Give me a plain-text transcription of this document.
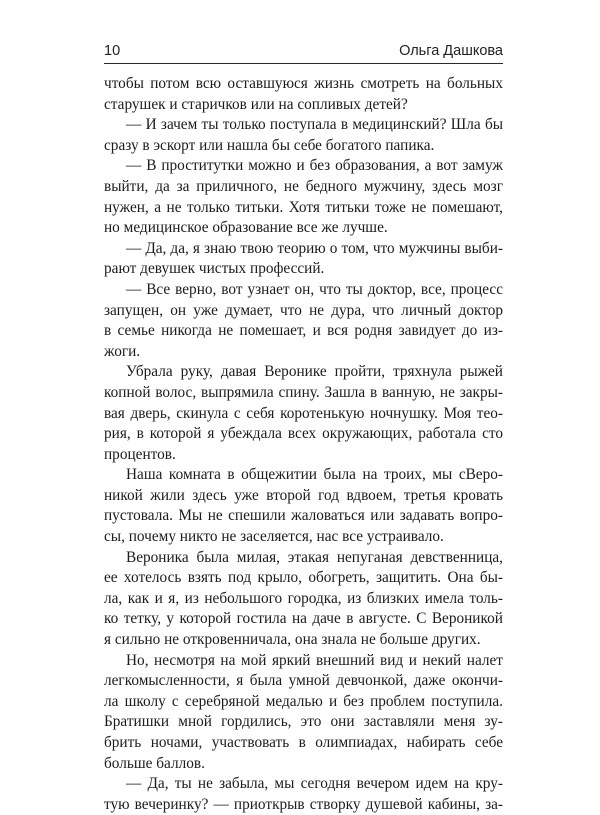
10	Ольга Дашкова
чтобы потом всю оставшуюся жизнь смотреть на больных
старушек и старичков или на сопливых детей?
— И зачем ты только поступала в медицинский? Шла бы
сразу в эскорт или нашла бы себе богатого папика.
— В проститутки можно и без образования, а вот замуж
выйти, да за приличного, не бедного мужчину, здесь мозг
нужен, а не только титьки. Хотя титьки тоже не помешают,
но медицинское образование все же лучше.
— Да, да, я знаю твою теорию о том, что мужчины выби-
рают девушек чистых профессий.
— Все верно, вот узнает он, что ты доктор, все, процесс
запущен, он уже думает, что не дура, что личный доктор
в семье никогда не помешает, и вся родня завидует до из-
жоги.
Убрала руку, давая Веронике пройти, тряхнула рыжей
копной волос, выпрямила спину. Зашла в ванную, не закры-
вая дверь, скинула с себя коротенькую ночнушку. Моя тео-
рия, в которой я убеждала всех окружающих, работала сто
процентов.
Наша комната в общежитии была на троих, мы сВеро-
никой жили здесь уже второй год вдвоем, третья кровать
пустовала. Мы не спешили жаловаться или задавать вопро-
сы, почему никто не заселяется, нас все устраивало.
Вероника была милая, этакая непуганая девственница,
ее хотелось взять под крыло, обогреть, защитить. Она бы-
ла, как и я, из небольшого городка, из близких имела толь-
ко тетку, у которой гостила на даче в августе. С Вероникой
я сильно не откровенничала, она знала не больше других.
Но, несмотря на мой яркий внешний вид и некий налет
легкомысленности, я была умной девчонкой, даже окончи-
ла школу с серебряной медалью и без проблем поступила.
Братишки мной гордились, это они заставляли меня зу-
брить ночами, участвовать в олимпиадах, набирать себе
больше баллов.
— Да, ты не забыла, мы сегодня вечером идем на кру-
тую вечеринку? — приоткрыв створку душевой кабины, за-
